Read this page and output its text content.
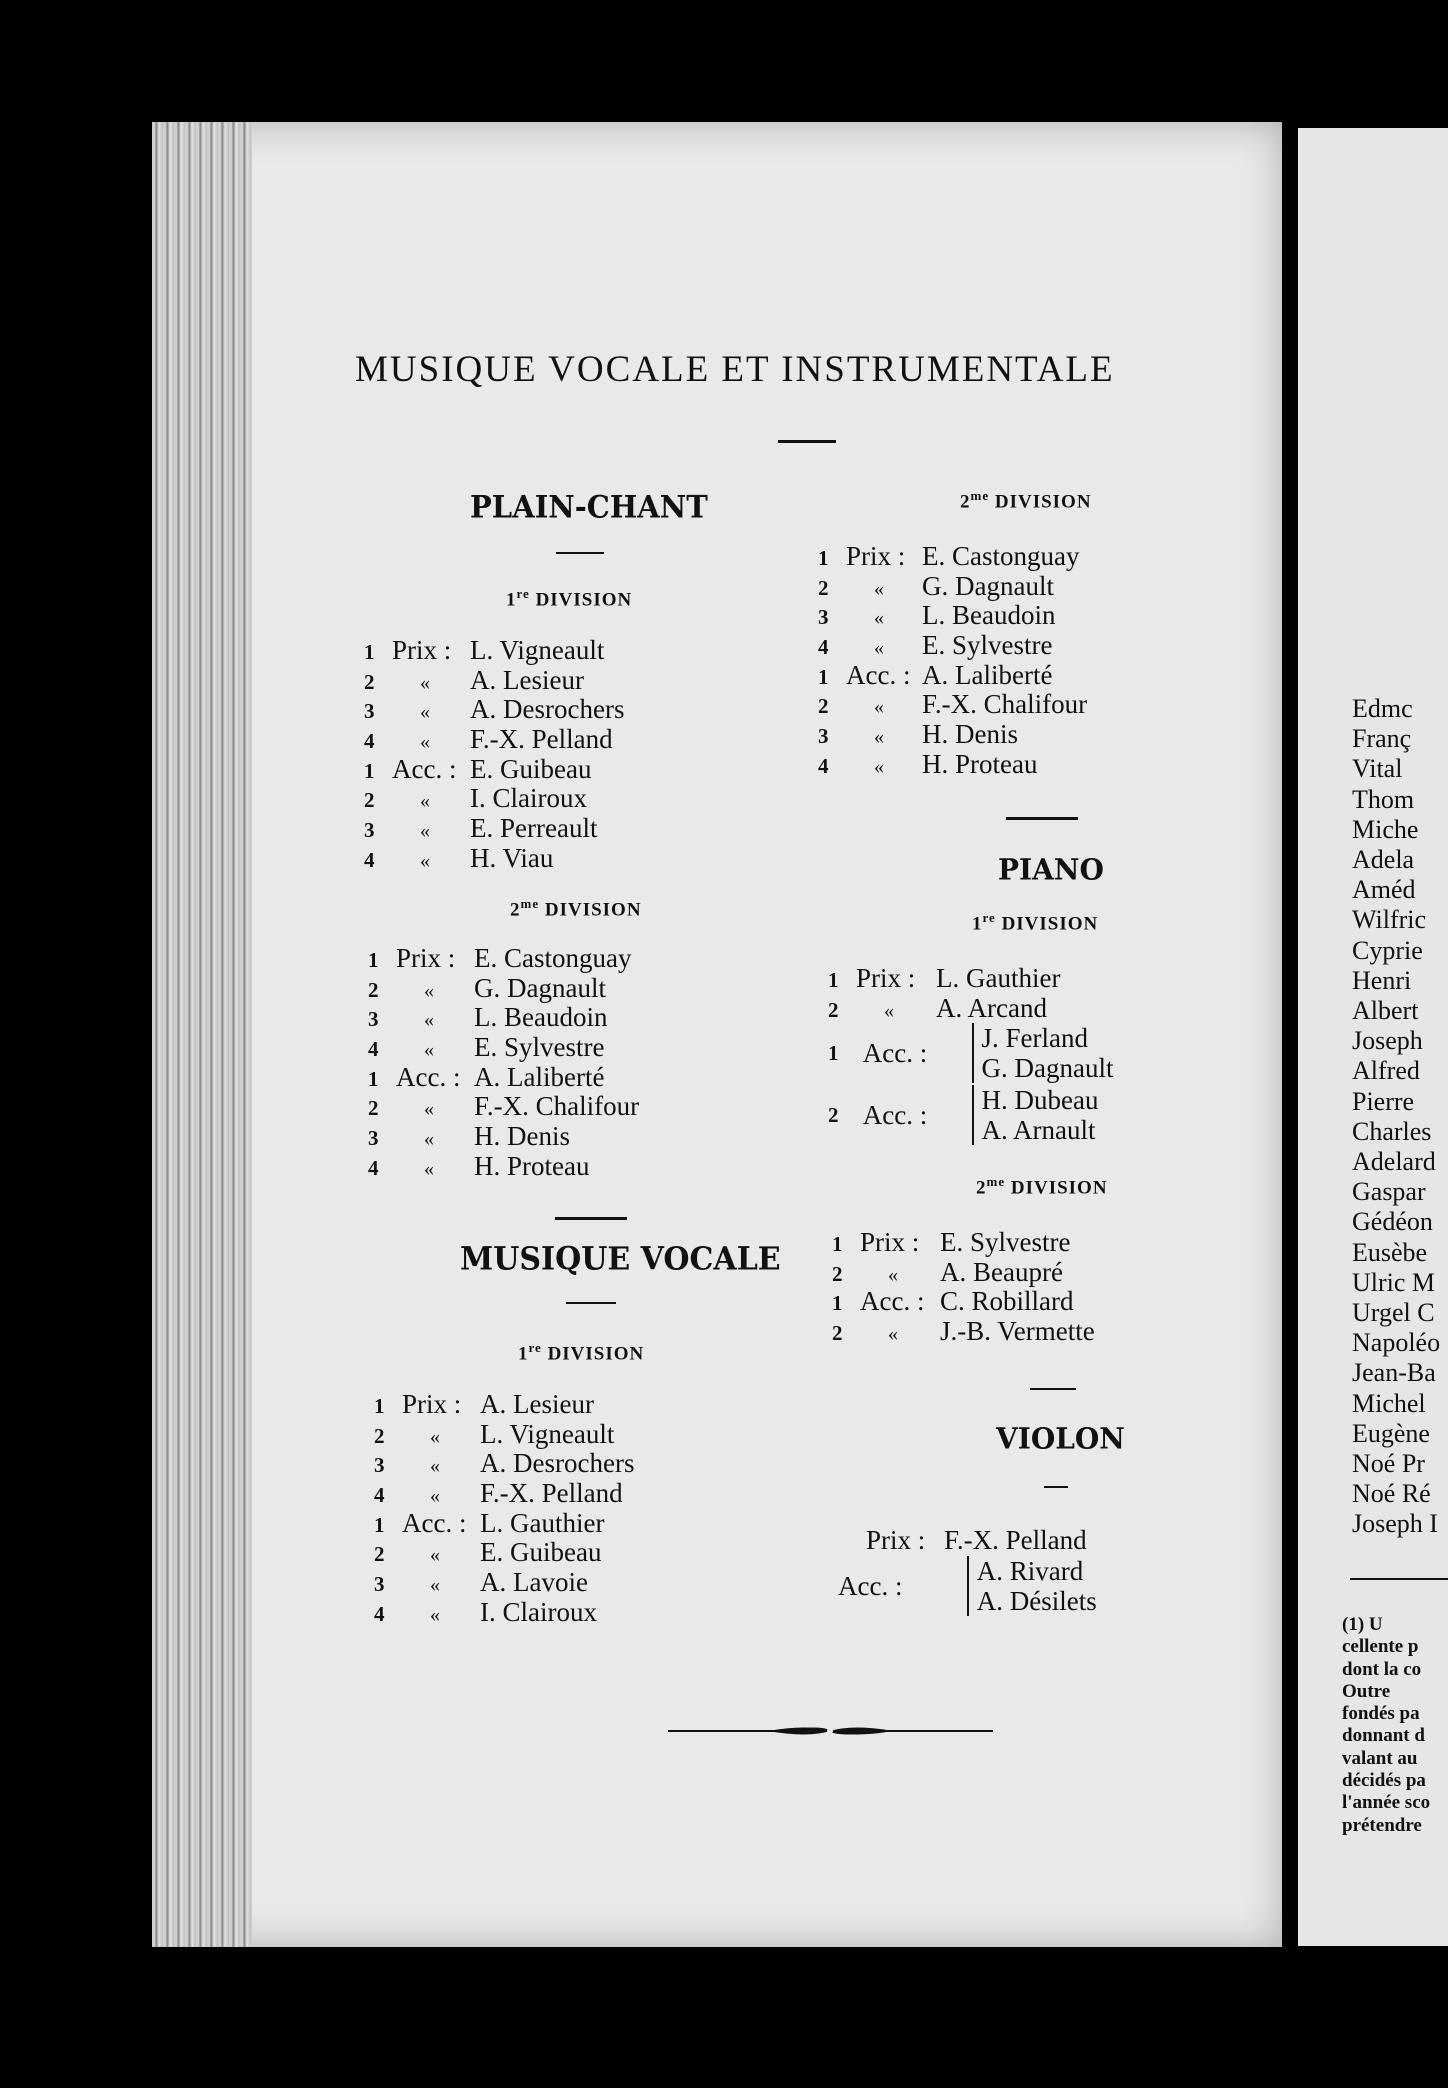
MUSIQUE VOCALE ET INSTRUMENTALE
PLAIN-CHANT
1re DIVISION
1 Prix : L. Vigneault
2	«	A. Lesieur
3	«	A. Desrochers
4	«	F.-X. Pelland
1 Acc. : E. Guibeau
2	«	I. Clairoux
3	«	E. Perreault
4	«	H. Viau
$2^{me}$ DIVISION
1 Prix : E. Castonguay
2	«	G. Dagnault
3	«	L. Beaudoin
4	«	E. Sylvestre
1 Acc. : A. Laliberté
2	«	F.-X. Chalifour
3	«	H. Denis
4	«	H. Proteau
MUSIQUE VOCALE
1re DIVISION
1 Prix : A. Lesieur
2	«	L. Vigneault
3	«	A. Desrochers
4	«	F.-X. Pelland
1 Acc. : L. Gauthier
2	«	E. Guibeau
3	«	A. Lavoie
4	«	I. Clairoux
$2^{me}$ DIVISION
1 Prix : E. Castonguay
2	«	G. Dagnault
3	«	L. Beaudoin
4	«	E. Sylvestre
1 Acc. : A. Laliberté
2	«	F.-X. Chalifour
3	«	H. Denis
4	«	H. Proteau
PIANO
1re DIVISION
1 Prix : L. Gauthier
2	«	A. Arcand
1 Acc. : J. Ferland
G. Dagnault
2 Acc. : H. Dubeau
A. Arnault
$2^{me}$ DIVISION
1 Prix : E. Sylvestre
2	«	A. Beaupré
1 Acc. : C. Robillard
2	«	J.-B. Vermette
VIOLON
Prix : F.-X. Pelland
Acc. :	A. Rivard
A. Désilets
Edmc
Franç
Vital
Thom
Miche
Adela
Améd
Wilfric
Cyprie
Henri
Albert
Joseph
Alfred
Pierre
Charles
Adelard
Gaspar
Gédéon
Eusèbe
Ulric M
Urgel C
Napoléo
Jean-Ba
Michel
Eugène
Noé Pr
Noé Ré
Joseph I
(1) U
cellente p
dont la co
Outre
fondés pa
donnant d
valant au
décidés pa
l'année sco
prétendre
